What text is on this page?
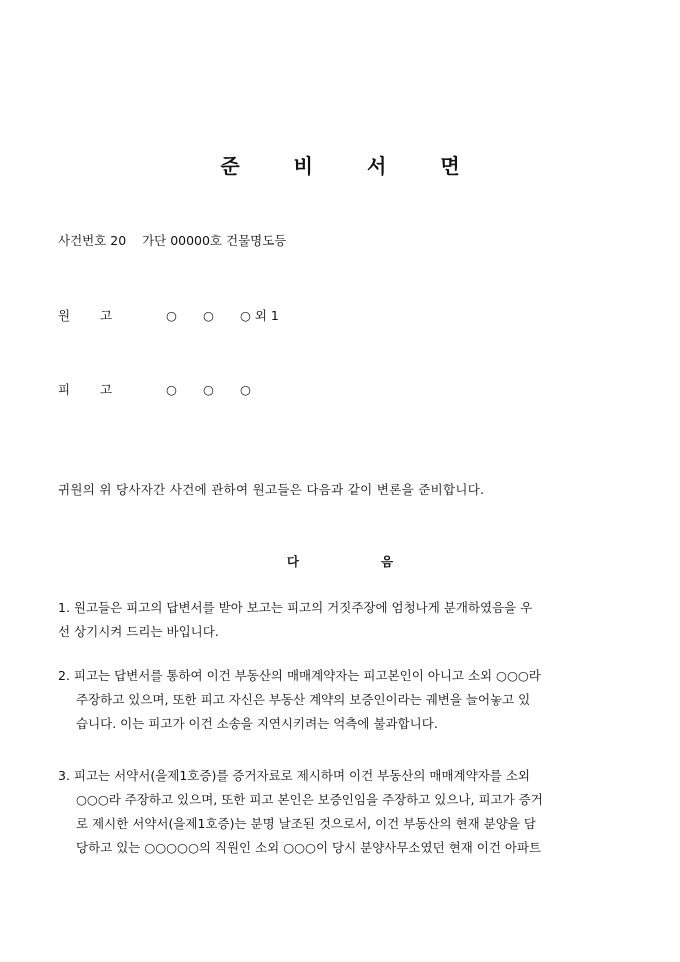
준	비	서	면
사건번호 20    가단 00000호 건물명도등
원 고	○ ○ ○ 외 1
피 고	○ ○ ○
귀원의 위 당사자간 사건에 관하여 원고들은 다음과 같이 변론을 준비합니다.
다	음
1. 원고들은 피고의 답변서를 받아 보고는 피고의 거짓주장에 엄청나게 분개하였음을 우
선 상기시켜 드리는 바입니다.
2. 피고는 답변서를 통하여 이건 부동산의 매매계약자는 피고본인이 아니고 소외 ○○○라
주장하고 있으며, 또한 피고 자신은 부동산 계약의 보증인이라는 궤변을 늘어놓고 있
습니다. 이는 피고가 이건 소송을 지연시키려는 억측에 불과합니다.
3. 피고는 서약서(을제1호증)를 증거자료로 제시하며 이건 부동산의 매매계약자를 소외
○○○라 주장하고 있으며, 또한 피고 본인은 보증인임을 주장하고 있으나, 피고가 증거
로 제시한 서약서(을제1호증)는 분명 날조된 것으로서, 이건 부동산의 현재 분양을 담
당하고 있는 ○○○○○의 직원인 소외 ○○○이 당시 분양사무소였던 현재 이건 아파트
